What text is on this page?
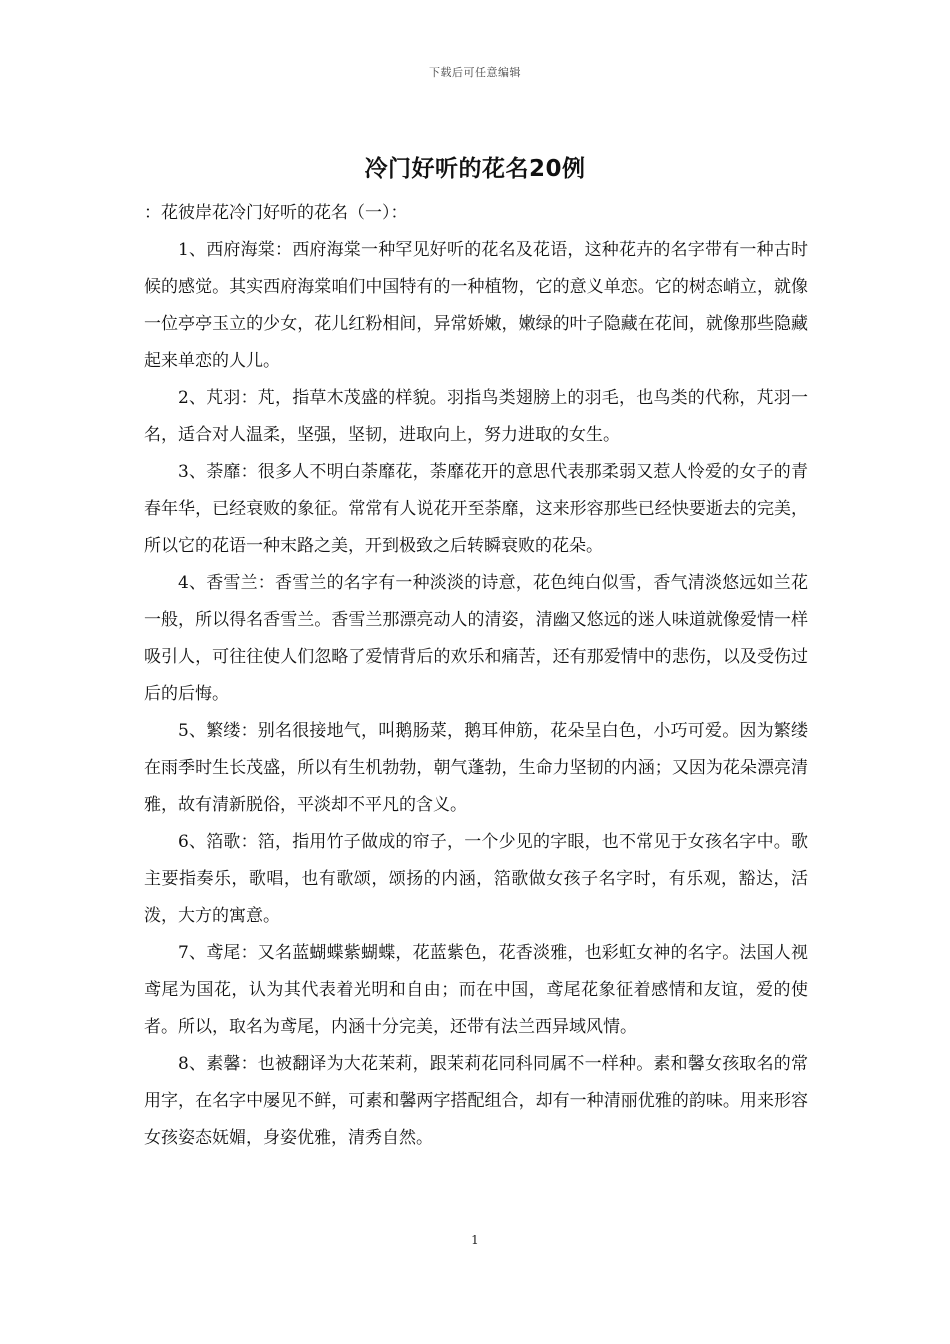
下载后可任意编辑
冷门好听的花名20例

：花彼岸花冷门好听的花名（一）：

1、西府海棠：西府海棠一种罕见好听的花名及花语，这种花卉的名字带有一种古时候的感觉。其实西府海棠咱们中国特有的一种植物，它的意义单恋。它的树态峭立，就像一位亭亭玉立的少女，花儿红粉相间，异常娇嫩，嫩绿的叶子隐藏在花间，就像那些隐藏起来单恋的人儿。

2、芃羽：芃，指草木茂盛的样貌。羽指鸟类翅膀上的羽毛，也鸟类的代称，芃羽一名，适合对人温柔，坚强，坚韧，进取向上，努力进取的女生。

3、荼靡：很多人不明白荼靡花，荼靡花开的意思代表那柔弱又惹人怜爱的女子的青春年华，已经衰败的象征。常常有人说花开至荼靡，这来形容那些已经快要逝去的完美，所以它的花语一种末路之美，开到极致之后转瞬衰败的花朵。

4、香雪兰：香雪兰的名字有一种淡淡的诗意，花色纯白似雪，香气清淡悠远如兰花一般，所以得名香雪兰。香雪兰那漂亮动人的清姿，清幽又悠远的迷人味道就像爱情一样吸引人，可往往使人们忽略了爱情背后的欢乐和痛苦，还有那爱情中的悲伤，以及受伤过后的后悔。

5、繁缕：别名很接地气，叫鹅肠菜，鹅耳伸筋，花朵呈白色，小巧可爱。因为繁缕在雨季时生长茂盛，所以有生机勃勃，朝气蓬勃，生命力坚韧的内涵；又因为花朵漂亮清雅，故有清新脱俗，平淡却不平凡的含义。

6、箔歌：箔，指用竹子做成的帘子，一个少见的字眼，也不常见于女孩名字中。歌主要指奏乐，歌唱，也有歌颂，颂扬的内涵，箔歌做女孩子名字时，有乐观，豁达，活泼，大方的寓意。

7、鸢尾：又名蓝蝴蝶紫蝴蝶，花蓝紫色，花香淡雅，也彩虹女神的名字。法国人视鸢尾为国花，认为其代表着光明和自由；而在中国，鸢尾花象征着感情和友谊，爱的使者。所以，取名为鸢尾，内涵十分完美，还带有法兰西异域风情。

8、素馨：也被翻译为大花茉莉，跟茉莉花同科同属不一样种。素和馨女孩取名的常用字，在名字中屡见不鲜，可素和馨两字搭配组合，却有一种清丽优雅的韵味。用来形容女孩姿态妩媚，身姿优雅，清秀自然。

1
